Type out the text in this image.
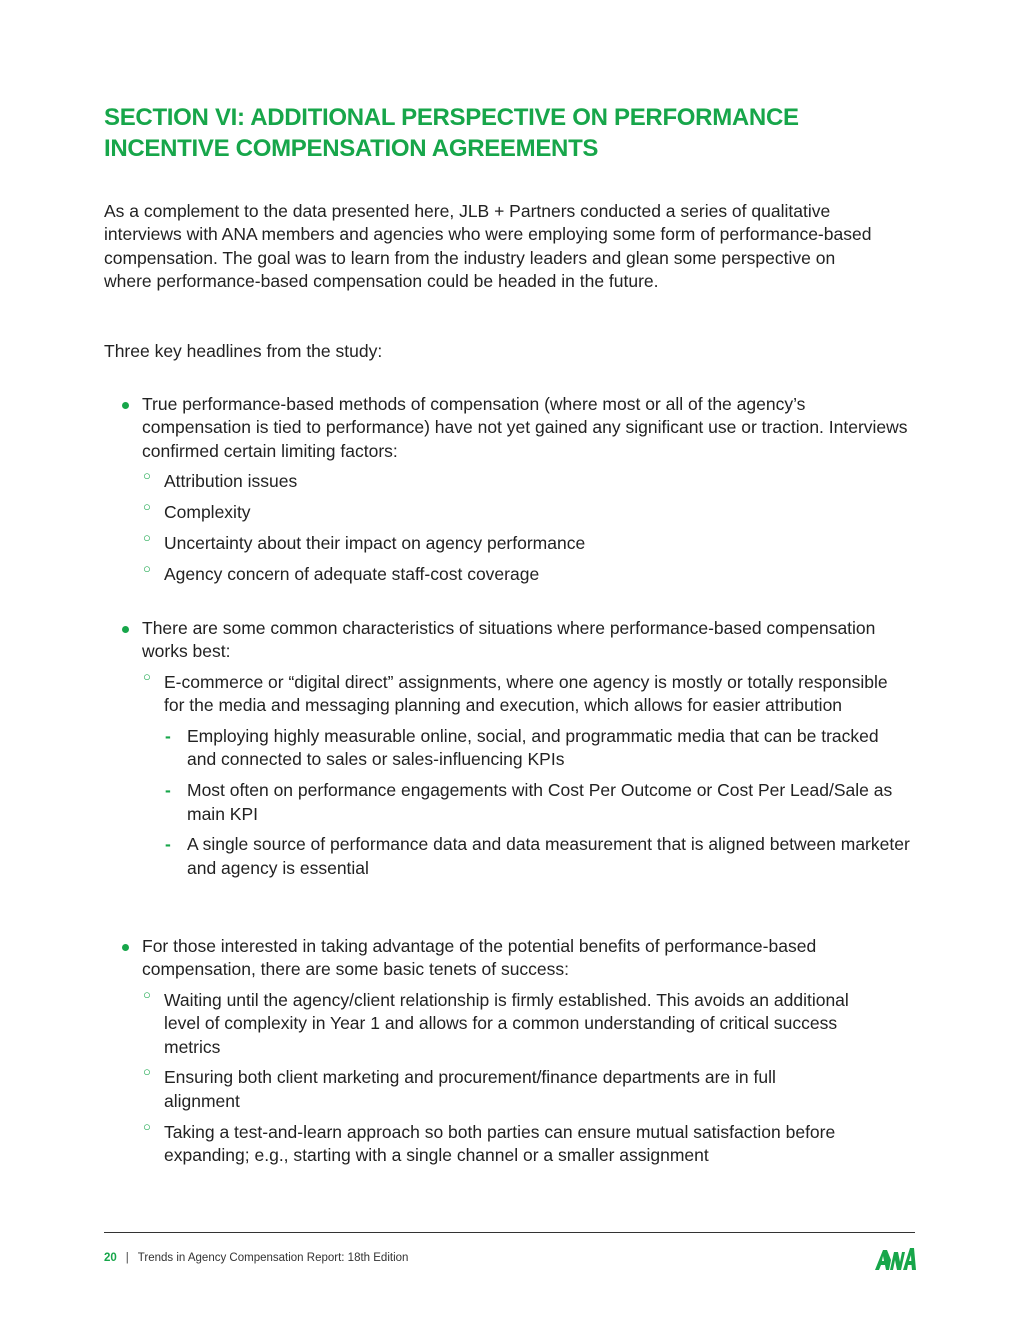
SECTION VI: ADDITIONAL PERSPECTIVE ON PERFORMANCE
INCENTIVE COMPENSATION AGREEMENTS

As a complement to the data presented here, JLB + Partners conducted a series of qualitative interviews with ANA members and agencies who were employing some form of performance-based compensation. The goal was to learn from the industry leaders and glean some perspective on where performance-based compensation could be headed in the future.

Three key headlines from the study:

True performance-based methods of compensation (where most or all of the agency’s compensation is tied to performance) have not yet gained any significant use or traction. Interviews confirmed certain limiting factors:
○ Attribution issues
○ Complexity
○ Uncertainty about their impact on agency performance
○ Agency concern of adequate staff-cost coverage
There are some common characteristics of situations where performance-based compensation works best:
○ E-commerce or “digital direct” assignments, where one agency is mostly or totally responsible for the media and messaging planning and execution, which allows for easier attribution
- Employing highly measurable online, social, and programmatic media that can be tracked and connected to sales or sales-influencing KPIs
- Most often on performance engagements with Cost Per Outcome or Cost Per Lead/Sale as main KPI
- A single source of performance data and data measurement that is aligned between marketer and agency is essential
For those interested in taking advantage of the potential benefits of performance-based compensation, there are some basic tenets of success:
○ Waiting until the agency/client relationship is firmly established. This avoids an additional level of complexity in Year 1 and allows for a common understanding of critical success metrics
○ Ensuring both client marketing and procurement/finance departments are in full alignment
○ Taking a test-and-learn approach so both parties can ensure mutual satisfaction before expanding; e.g., starting with a single channel or a smaller assignment
20 | Trends in Agency Compensation Report: 18th Edition
